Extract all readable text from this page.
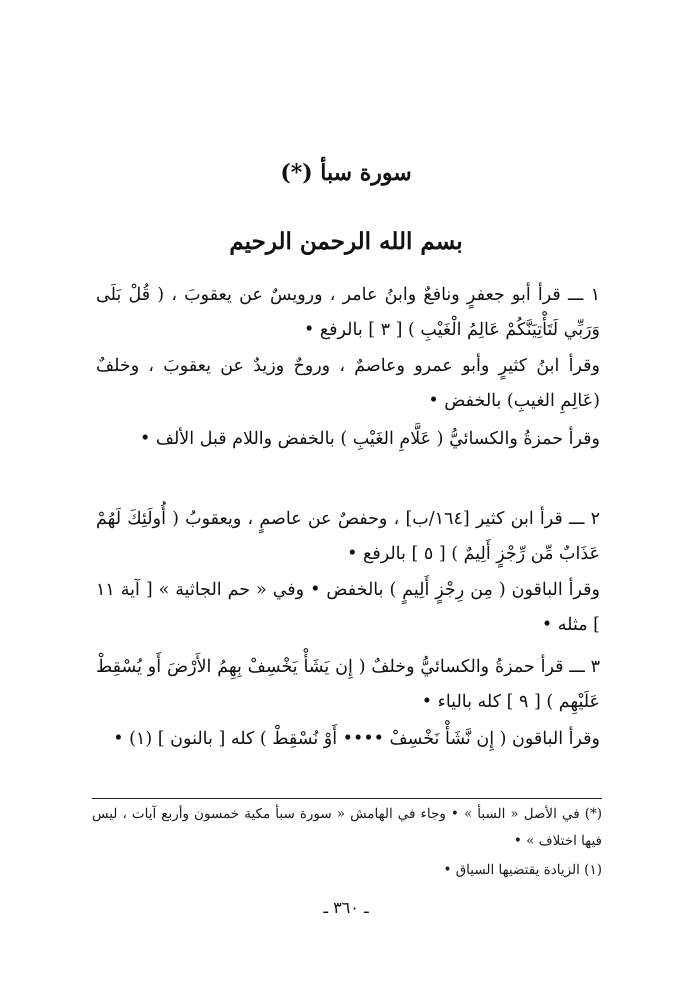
سورة سبأ (*)
بسم الله الرحمن الرحيم
١ ـــ قرأ أبو جعفرٍ ونافعٌ وابنُ عامر ، ورويسٌ عن يعقوبَ ، ( قُلْ بَلَى وَرَبِّي لَتَأْتِيَنَّكُمْ عَالِمُ الْغَيْبِ ) [ ٣ ] بالرفع •
وقرأ ابنُ كثيرٍ وأبو عمرو وعاصمٌ ، وروحٌ وزيدٌ عن يعقوبَ ، وخلفٌ (عَالِمِ الغيبِ) بالخفض •
وقرأ حمزةُ والكسائيُّ ( عَلَّامِ الغَيْبِ ) بالخفض واللام قبل الألف •
٢ ـــ قرأ ابن كثير [١٦٤/ب] ، وحفصٌ عن عاصمٍ ، ويعقوبُ ( أُولَئِكَ لَهُمْ عَذَابٌ مِّن رِّجْزٍ أَلِيمٌ ) [ ٥ ] بالرفع •
وقرأ الباقون ( مِن رِجْزٍ أَلِيمٍ ) بالخفض • وفي « حم الجاثية » [ آية ١١ ] مثله •
٣ ـــ قرأ حمزةُ والكسائيُّ وخلفٌ ( إِن يَشَأْ يَخْسِفْ بِهِمُ الأَرْضَ أَو يُسْقِطْ عَلَيْهِم ) [ ٩ ] كله بالياء •
وقرأ الباقون ( إِن نَّشَأْ نَخْسِفْ •••• أَوْ نُسْقِطْ ) كله [ بالنون ] (١) •
(*) في الأصل « السبأ » • وجاء في الهامش « سورة سبأ مكية خمسون وأربع آيات ، ليس فيها اختلاف » •
(١) الزيادة يقتضيها السياق •
ـ ٣٦٠ ـ
